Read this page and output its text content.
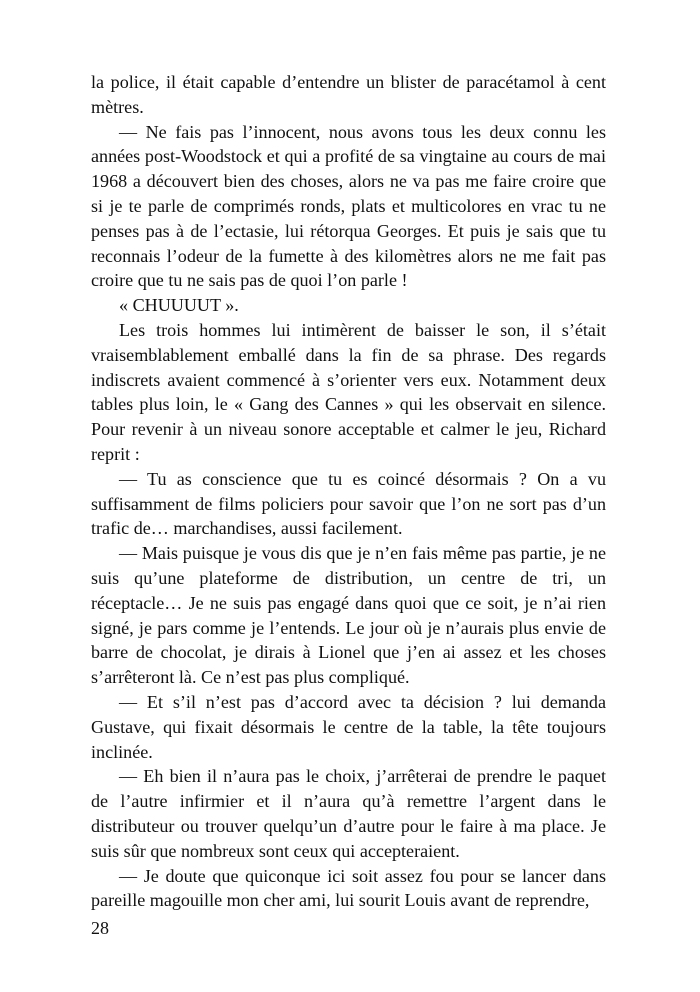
la police, il était capable d’entendre un blister de paracétamol à cent mètres.

— Ne fais pas l’innocent, nous avons tous les deux connu les années post-Woodstock et qui a profité de sa vingtaine au cours de mai 1968 a découvert bien des choses, alors ne va pas me faire croire que si je te parle de comprimés ronds, plats et multicolores en vrac tu ne penses pas à de l’ectasie, lui rétorqua Georges. Et puis je sais que tu reconnais l’odeur de la fumette à des kilomètres alors ne me fait pas croire que tu ne sais pas de quoi l’on parle !

« CHUUUUT ».

Les trois hommes lui intimèrent de baisser le son, il s’était vraisemblablement emballé dans la fin de sa phrase. Des regards indiscrets avaient commencé à s’orienter vers eux. Notamment deux tables plus loin, le « Gang des Cannes » qui les observait en silence. Pour revenir à un niveau sonore acceptable et calmer le jeu, Richard reprit :

— Tu as conscience que tu es coincé désormais ? On a vu suffisamment de films policiers pour savoir que l’on ne sort pas d’un trafic de… marchandises, aussi facilement.

— Mais puisque je vous dis que je n’en fais même pas partie, je ne suis qu’une plateforme de distribution, un centre de tri, un réceptacle… Je ne suis pas engagé dans quoi que ce soit, je n’ai rien signé, je pars comme je l’entends. Le jour où je n’aurais plus envie de barre de chocolat, je dirais à Lionel que j’en ai assez et les choses s’arrêteront là. Ce n’est pas plus compliqué.

— Et s’il n’est pas d’accord avec ta décision ? lui demanda Gustave, qui fixait désormais le centre de la table, la tête toujours inclinée.

— Eh bien il n’aura pas le choix, j’arrêterai de prendre le paquet de l’autre infirmier et il n’aura qu’à remettre l’argent dans le distributeur ou trouver quelqu’un d’autre pour le faire à ma place. Je suis sûr que nombreux sont ceux qui accepteraient.

— Je doute que quiconque ici soit assez fou pour se lancer dans pareille magouille mon cher ami, lui sourit Louis avant de reprendre,

28
